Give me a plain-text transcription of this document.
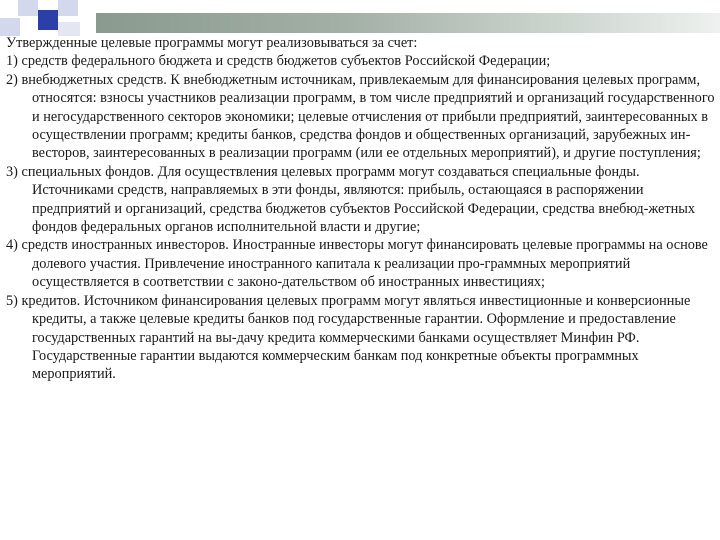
Утвержденные целевые программы могут реализовываться за счет:

1) средств федерального бюджета и средств бюджетов субъектов Российской Федерации;

2) внебюджетных средств. К внебюджетным источникам, привлекаемым для финансирования целевых программ, относятся: взносы участников реализации программ, в том числе предприятий и организаций государственного и негосударственного секторов экономики; целевые отчисления от прибыли предприятий, заинтересованных в осуществлении программ; кредиты банков, средства фондов и общественных организаций, зарубежных ин-весторов, заинтересованных в реализации программ (или ее отдельных мероприятий), и другие поступления;

3) специальных фондов. Для осуществления целевых программ могут создаваться специальные фонды. Источниками средств, направляемых в эти фонды, являются: прибыль, остающаяся в распоряжении предприятий и организаций, средства бюджетов субъектов Российской Федерации, средства внебюд-жетных фондов федеральных органов исполнительной власти и другие;

4) средств иностранных инвесторов. Иностранные инвесторы могут финансировать целевые программы на основе долевого участия. Привлечение иностранного капитала к реализации про-граммных мероприятий осуществляется в соответствии с законо-дательством об иностранных инвестициях;

5) кредитов. Источником финансирования целевых программ могут являться инвестиционные и конверсионные кредиты, а также целевые кредиты банков под государственные гарантии. Оформление и предоставление государственных гарантий на вы-дачу кредита коммерческими банками осуществляет Минфин РФ. Государственные гарантии выдаются коммерческим банкам под конкретные объекты программных мероприятий.
